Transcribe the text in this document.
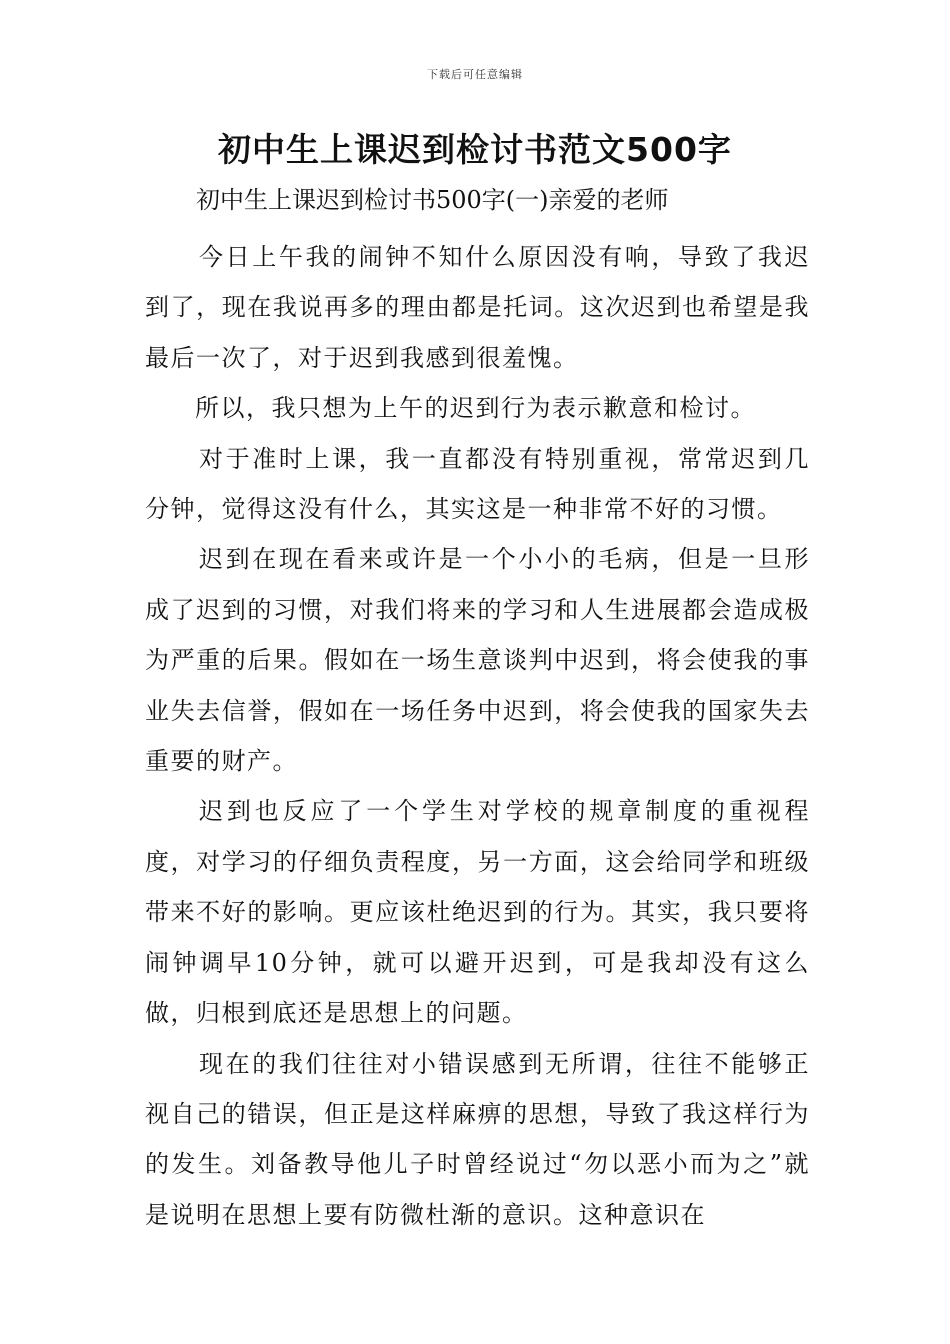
下载后可任意编辑
初中生上课迟到检讨书范文500字

初中生上课迟到检讨书500字(一)亲爱的老师

今日上午我的闹钟不知什么原因没有响，导致了我迟到了，现在我说再多的理由都是托词。这次迟到也希望是我最后一次了，对于迟到我感到很羞愧。

所以，我只想为上午的迟到行为表示歉意和检讨。

对于准时上课，我一直都没有特别重视，常常迟到几分钟，觉得这没有什么，其实这是一种非常不好的习惯。

迟到在现在看来或许是一个小小的毛病，但是一旦形成了迟到的习惯，对我们将来的学习和人生进展都会造成极为严重的后果。假如在一场生意谈判中迟到，将会使我的事业失去信誉，假如在一场任务中迟到，将会使我的国家失去重要的财产。

迟到也反应了一个学生对学校的规章制度的重视程度，对学习的仔细负责程度，另一方面，这会给同学和班级带来不好的影响。更应该杜绝迟到的行为。其实，我只要将闹钟调早10分钟，就可以避开迟到，可是我却没有这么做，归根到底还是思想上的问题。

现在的我们往往对小错误感到无所谓，往往不能够正视自己的错误，但正是这样麻痹的思想，导致了我这样行为的发生。刘备教导他儿子时曾经说过“勿以恶小而为之”就是说明在思想上要有防微杜渐的意识。这种意识在
